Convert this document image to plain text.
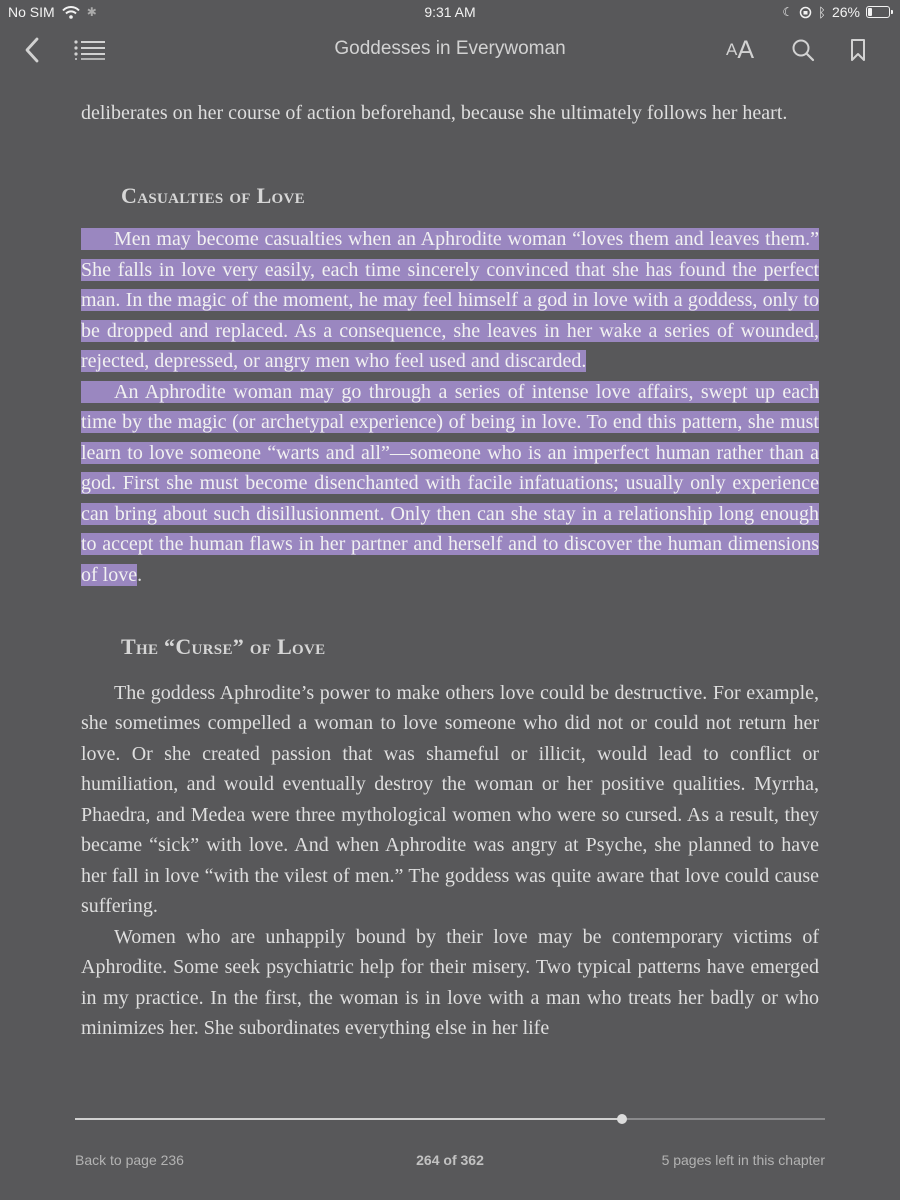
No SIM	✱	9:31 AM	☾ ᛒ 26%
Goddesses in Everywoman	A A

deliberates on her course of action beforehand, because she ultimately follows her heart.

Casualties of Love

Men may become casualties when an Aphrodite woman “loves them and leaves them.” She falls in love very easily, each time sincerely convinced that she has found the perfect man. In the magic of the moment, he may feel himself a god in love with a goddess, only to be dropped and replaced. As a consequence, she leaves in her wake a series of wounded, rejected, depressed, or angry men who feel used and discarded.

An Aphrodite woman may go through a series of intense love affairs, swept up each time by the magic (or archetypal experience) of being in love. To end this pattern, she must learn to love someone “warts and all”—someone who is an imperfect human rather than a god. First she must become disenchanted with facile infatuations; usually only experience can bring about such disillusionment. Only then can she stay in a relationship long enough to accept the human flaws in her partner and herself and to discover the human dimensions of love.

The “Curse” of Love

The goddess Aphrodite’s power to make others love could be destructive. For example, she sometimes compelled a woman to love someone who did not or could not return her love. Or she created passion that was shameful or illicit, would lead to conflict or humiliation, and would eventually destroy the woman or her positive qualities. Myrrha, Phaedra, and Medea were three mythological women who were so cursed. As a result, they became “sick” with love. And when Aphrodite was angry at Psyche, she planned to have her fall in love “with the vilest of men.” The goddess was quite aware that love could cause suffering.

Women who are unhappily bound by their love may be contemporary victims of Aphrodite. Some seek psychiatric help for their misery. Two typical patterns have emerged in my practice. In the first, the woman is in love with a man who treats her badly or who minimizes her. She subordinates everything else in her life

Back to page 236	264 of 362	5 pages left in this chapter
